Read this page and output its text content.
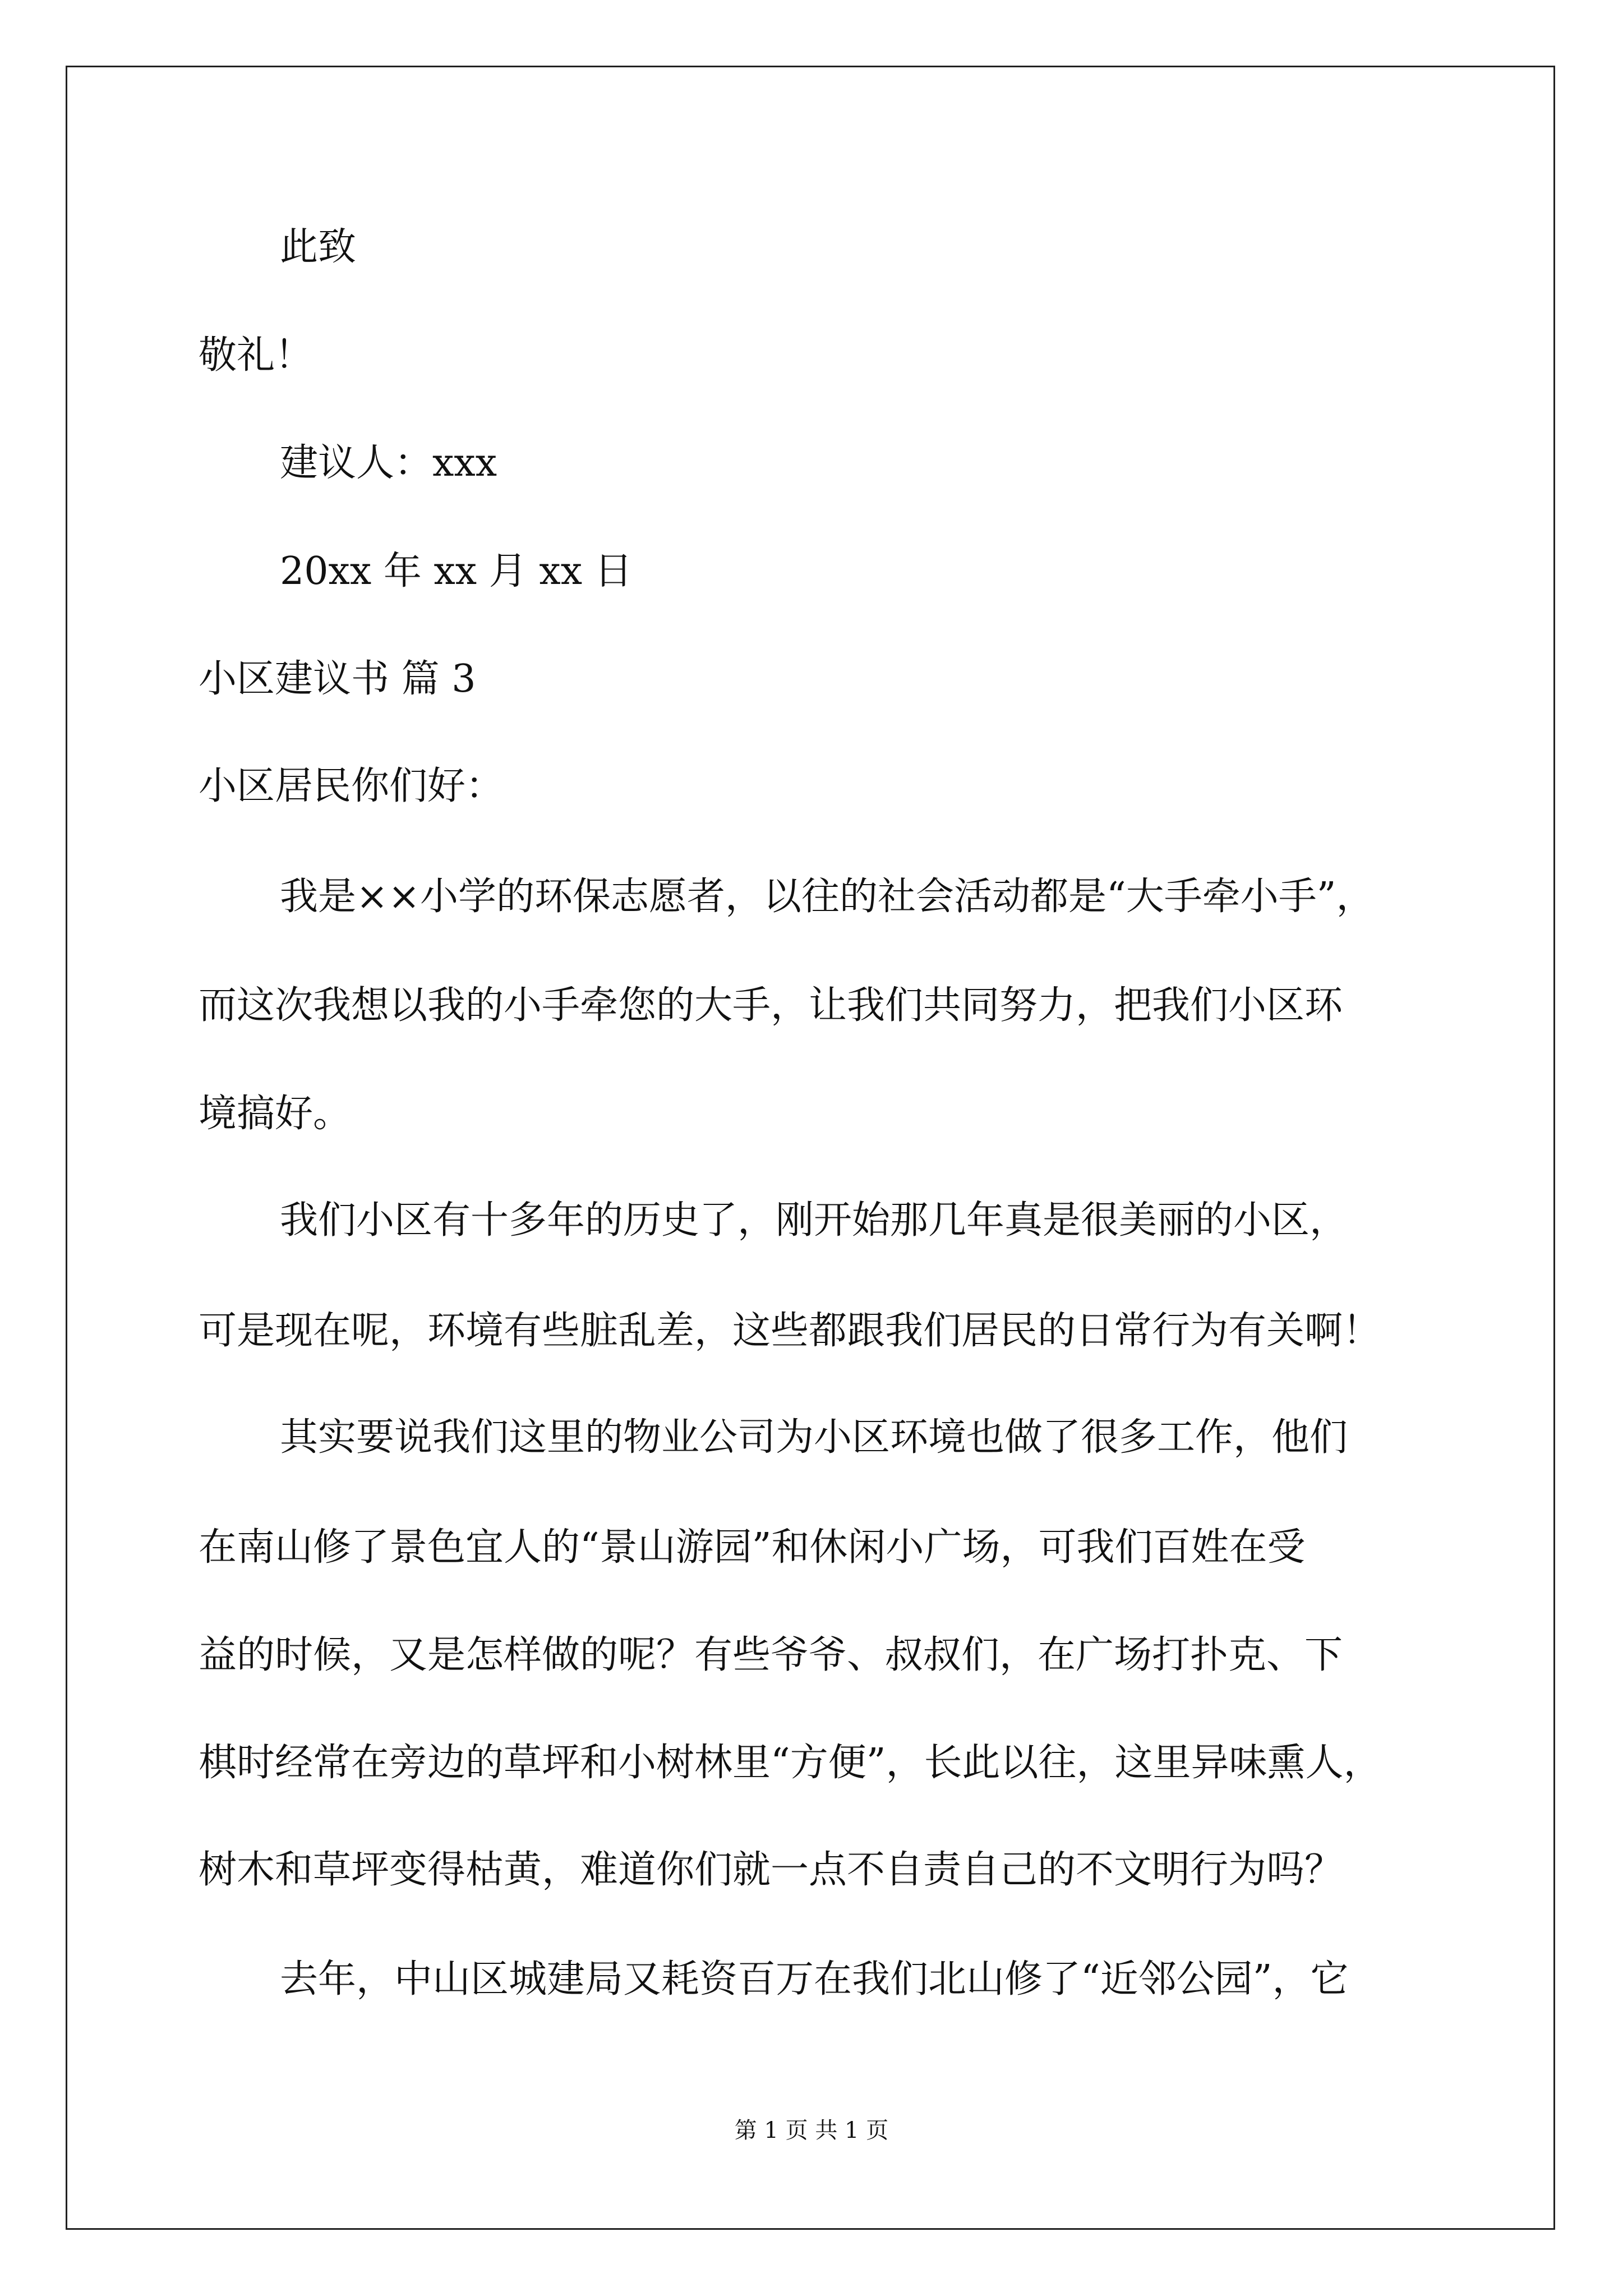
此致
敬礼！
建议人：xxx
20xx 年 xx 月 xx 日
小区建议书 篇 3
小区居民你们好：
我是××小学的环保志愿者，以往的社会活动都是“大手牵小手”，
而这次我想以我的小手牵您的大手，让我们共同努力，把我们小区环
境搞好。
我们小区有十多年的历史了，刚开始那几年真是很美丽的小区，
可是现在呢，环境有些脏乱差，这些都跟我们居民的日常行为有关啊！
其实要说我们这里的物业公司为小区环境也做了很多工作，他们
在南山修了景色宜人的“景山游园”和休闲小广场，可我们百姓在受
益的时候，又是怎样做的呢？有些爷爷、叔叔们，在广场打扑克、下
棋时经常在旁边的草坪和小树林里“方便”，长此以往，这里异味熏人，
树木和草坪变得枯黄，难道你们就一点不自责自己的不文明行为吗？
去年，中山区城建局又耗资百万在我们北山修了“近邻公园”，它
第 1 页 共 1 页
